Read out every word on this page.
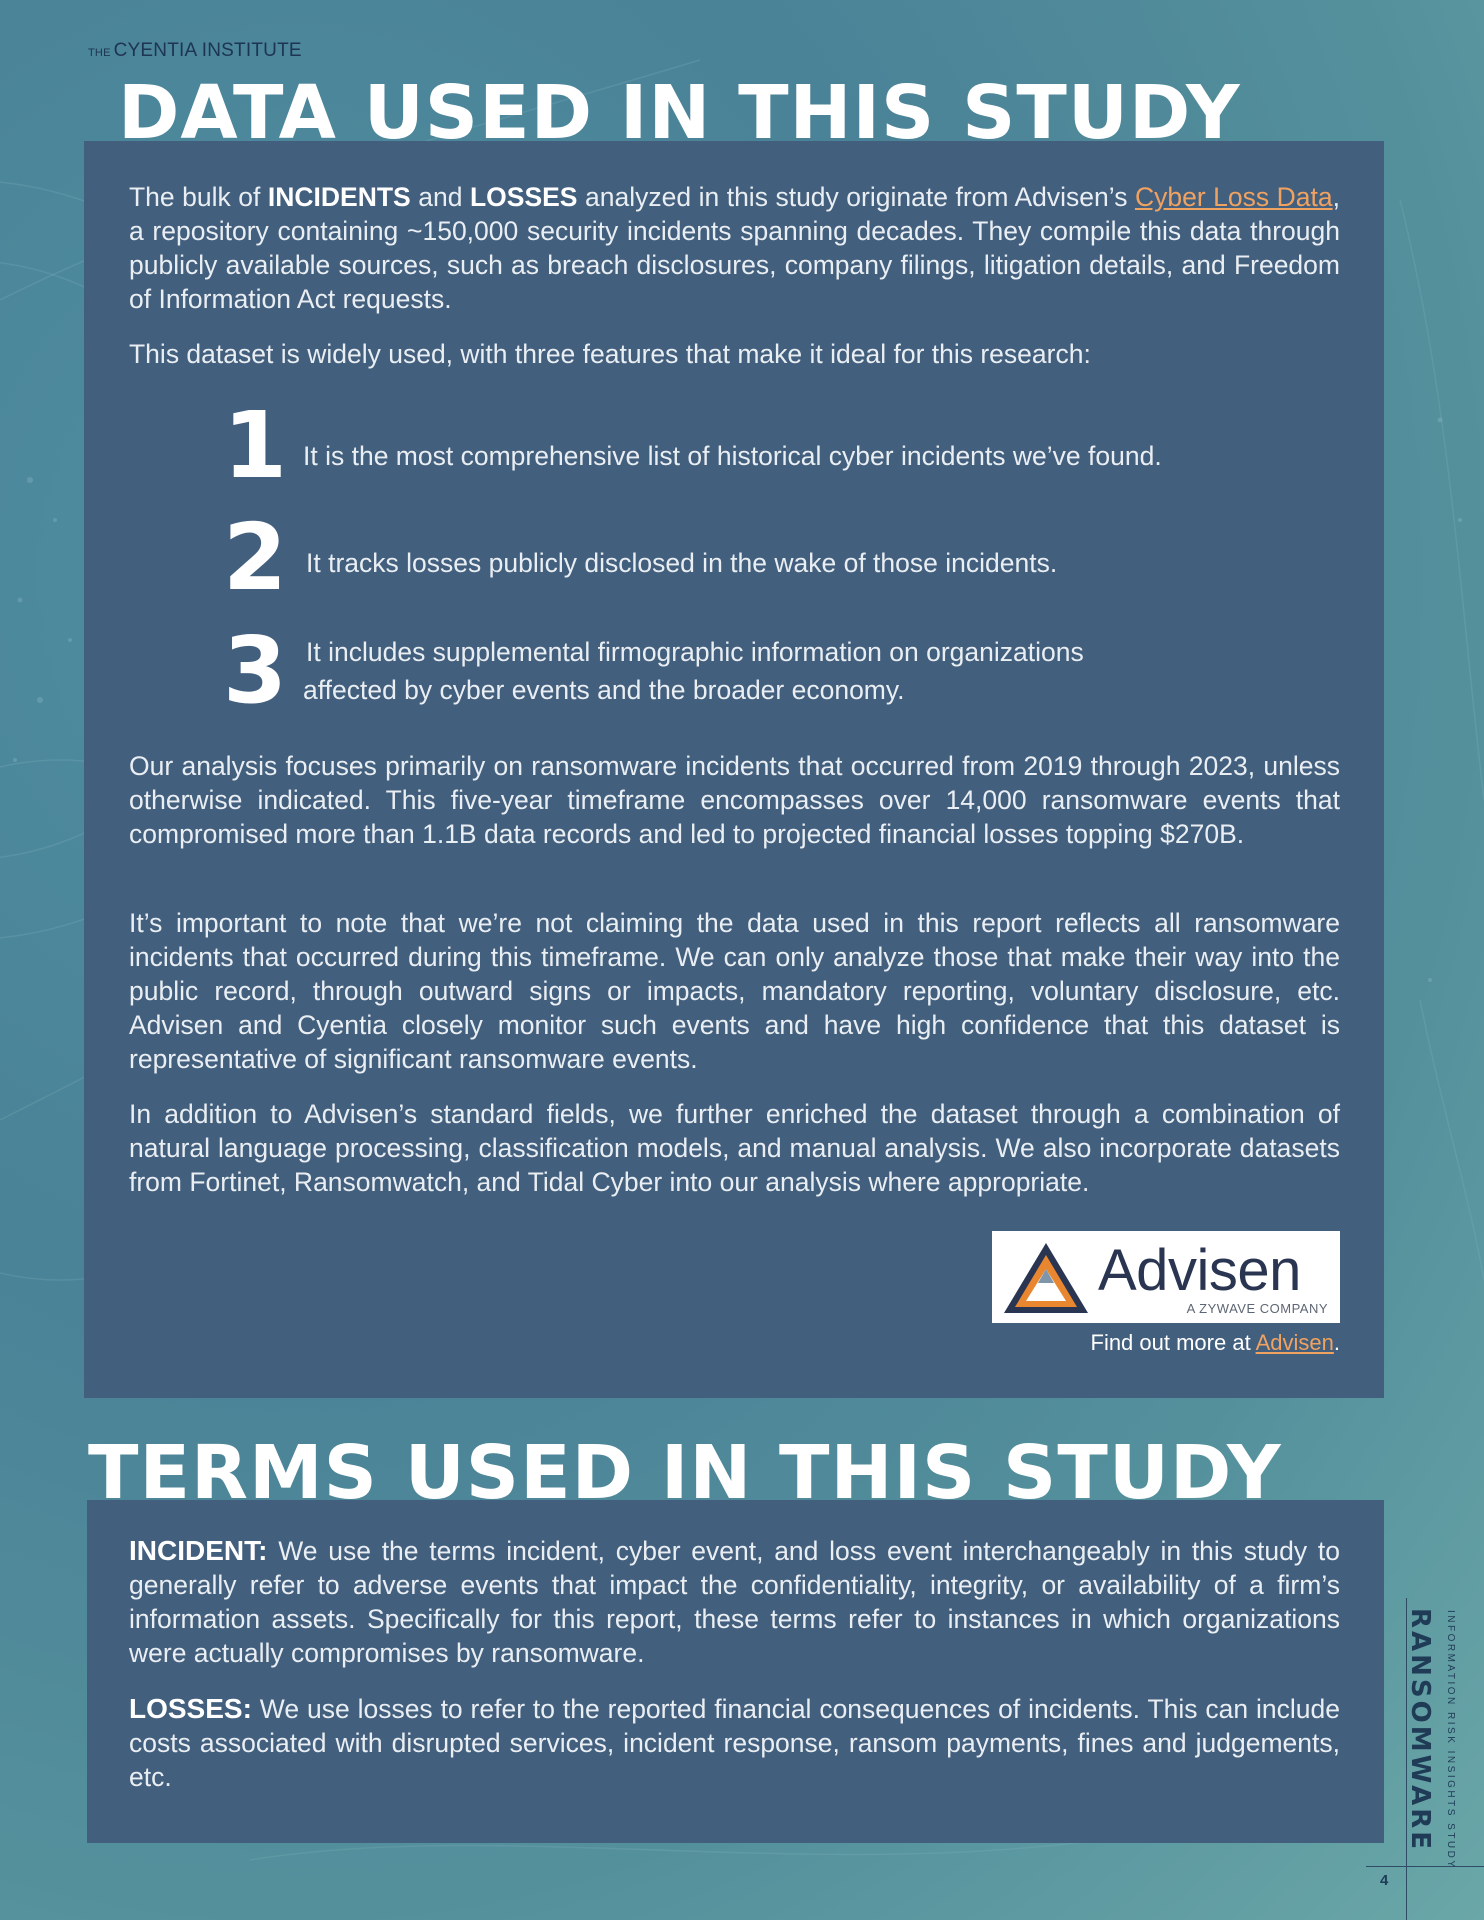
THE CYENTIA INSTITUTE
DATA USED IN THIS STUDY

The bulk of INCIDENTS and LOSSES analyzed in this study originate from Advisen’s Cyber Loss Data, a repository containing ~150,000 security incidents spanning decades. They compile this data through publicly available sources, such as breach disclosures, company filings, litigation details, and Freedom of Information Act requests.

This dataset is widely used, with three features that make it ideal for this research:

1 It is the most comprehensive list of historical cyber incidents we’ve found.

2 It tracks losses publicly disclosed in the wake of those incidents.

3 It includes supplemental firmographic information on organizations

affected by cyber events and the broader economy.

Our analysis focuses primarily on ransomware incidents that occurred from 2019 through 2023, unless otherwise indicated. This five-year timeframe encompasses over 14,000 ransomware events that compromised more than 1.1B data records and led to projected financial losses topping $270B.

It’s important to note that we’re not claiming the data used in this report reflects all ransomware incidents that occurred during this timeframe. We can only analyze those that make their way into the public record, through outward signs or impacts, mandatory reporting, voluntary disclosure, etc. Advisen and Cyentia closely monitor such events and have high confidence that this dataset is representative of significant ransomware events.

In addition to Advisen’s standard fields, we further enriched the dataset through a combination of natural language processing, classification models, and manual analysis. We also incorporate datasets from Fortinet, Ransomwatch, and Tidal Cyber into our analysis where appropriate.

Advisen
A ZYWAVE COMPANY
Find out more at Advisen.
TERMS USED IN THIS STUDY

INCIDENT: We use the terms incident, cyber event, and loss event interchangeably in this study to generally refer to adverse events that impact the confidentiality, integrity, or availability of a firm’s information assets. Specifically for this report, these terms refer to instances in which organizations were actually compromises by ransomware.

LOSSES: We use losses to refer to the reported financial consequences of incidents. This can include costs associated with disrupted services, incident response, ransom payments, fines and judgements, etc.	RANSOMWARE INFORMATION RISK INSIGHTS STUDY
4
